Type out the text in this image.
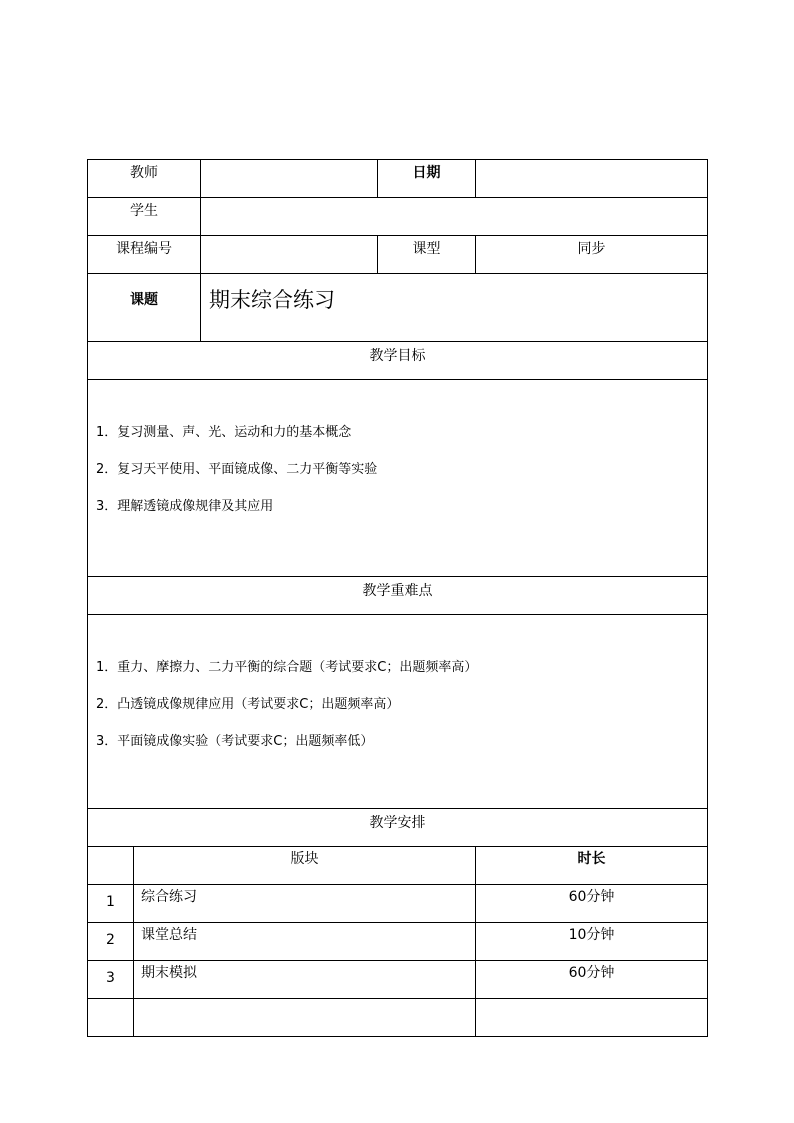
教师			日期	
学生				
课程编号			课型	同步
课题		期末综合练习		
教学目标				

1．复习测量、声、光、运动和力的基本概念
2．复习天平使用、平面镜成像、二力平衡等实验
3．理解透镜成像规律及其应用				

教学重难点				

1．重力、摩擦力、二力平衡的综合题（考试要求C；出题频率高）
2．凸透镜成像规律应用（考试要求C；出题频率高）
3．平面镜成像实验（考试要求C；出题频率低）				

教学安排				
	版块			时长
1	综合练习			60分钟
2	课堂总结			10分钟
3	期末模拟			60分钟
